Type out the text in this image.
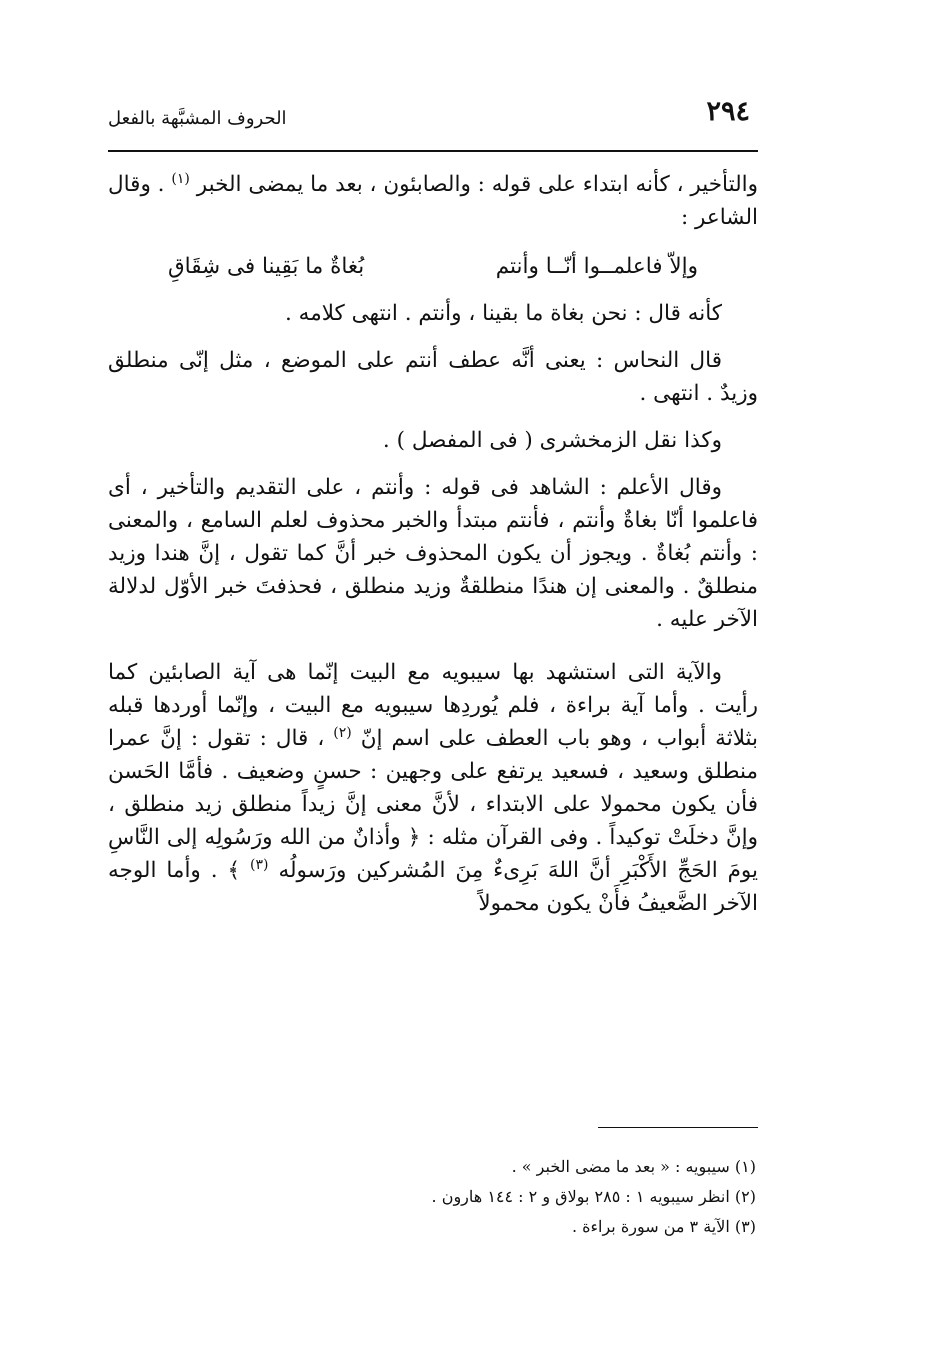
٢٩٤
الحروف المشبَّهة بالفعل

والتأخير ، كأنه ابتداء على قوله : والصابئون ، بعد ما يمضى الخبر $^{(١)}$ . وقال الشاعر :

وإلاّ فاعلمــوا أنّــا وأنتم
بُغاةٌ ما بَقِينا فى شِقَاقِ

كأنه قال : نحن بغاة ما بقينا ، وأنتم . انتهى كلامه .

قال النحاس : يعنى أنَّه عطف أنتم على الموضع ، مثل إنّى منطلق وزيدٌ . انتهى .

وكذا نقل الزمخشرى ( فى المفصل ) .

وقال الأعلم : الشاهد فى قوله : وأنتم ، على التقديم والتأخير ، أى فاعلموا أنّا بغاةٌ وأنتم ، فأنتم مبتدأ والخبر محذوف لعلم السامع ، والمعنى : وأنتم بُغاةٌ . ويجوز أن يكون المحذوف خبر أنَّ كما تقول ، إنَّ هندا وزيد منطلقٌ . والمعنى إن هندًا منطلقةٌ وزيد منطلق ، فحذفتَ خبر الأوّل لدلالة الآخر عليه .

والآية التى استشهد بها سيبويه مع البيت إنّما هى آية الصابئين كما رأيت . وأما آية براءة ، فلم يُوردِها سيبويه مع البيت ، وإنّما أوردها قبله بثلاثة أبواب ، وهو باب العطف على اسم إنّ $^{(٢)}$ ، قال : تقول : إنَّ عمرا منطلق وسعيد ، فسعيد يرتفع على وجهين : حسنٍ وضعيف . فأمَّا الحَسن فأن يكون محمولا على الابتداء ، لأنَّ معنى إنَّ زيداً منطلق زيد منطلق ، وإنَّ دخلَتْ توكيداً . وفى القرآن مثله : ﴿ وأذانٌ من الله ورَسُولِه إلى النَّاسِ يومَ الحَجِّ الأَكْبَرِ أنَّ اللهَ بَرِىءٌ مِنَ المُشركين ورَسولُه $^{(٣)}$ ﴾ . وأما الوجه الآخر الضَّعيفُ فأَنْ يكون محمولاً

(١) سيبويه : « بعد ما مضى الخبر » .

(٢) انظر سيبويه ١ : ٢٨٥ بولاق و ٢ : ١٤٤ هارون .

(٣) الآية ٣ من سورة براءة .
